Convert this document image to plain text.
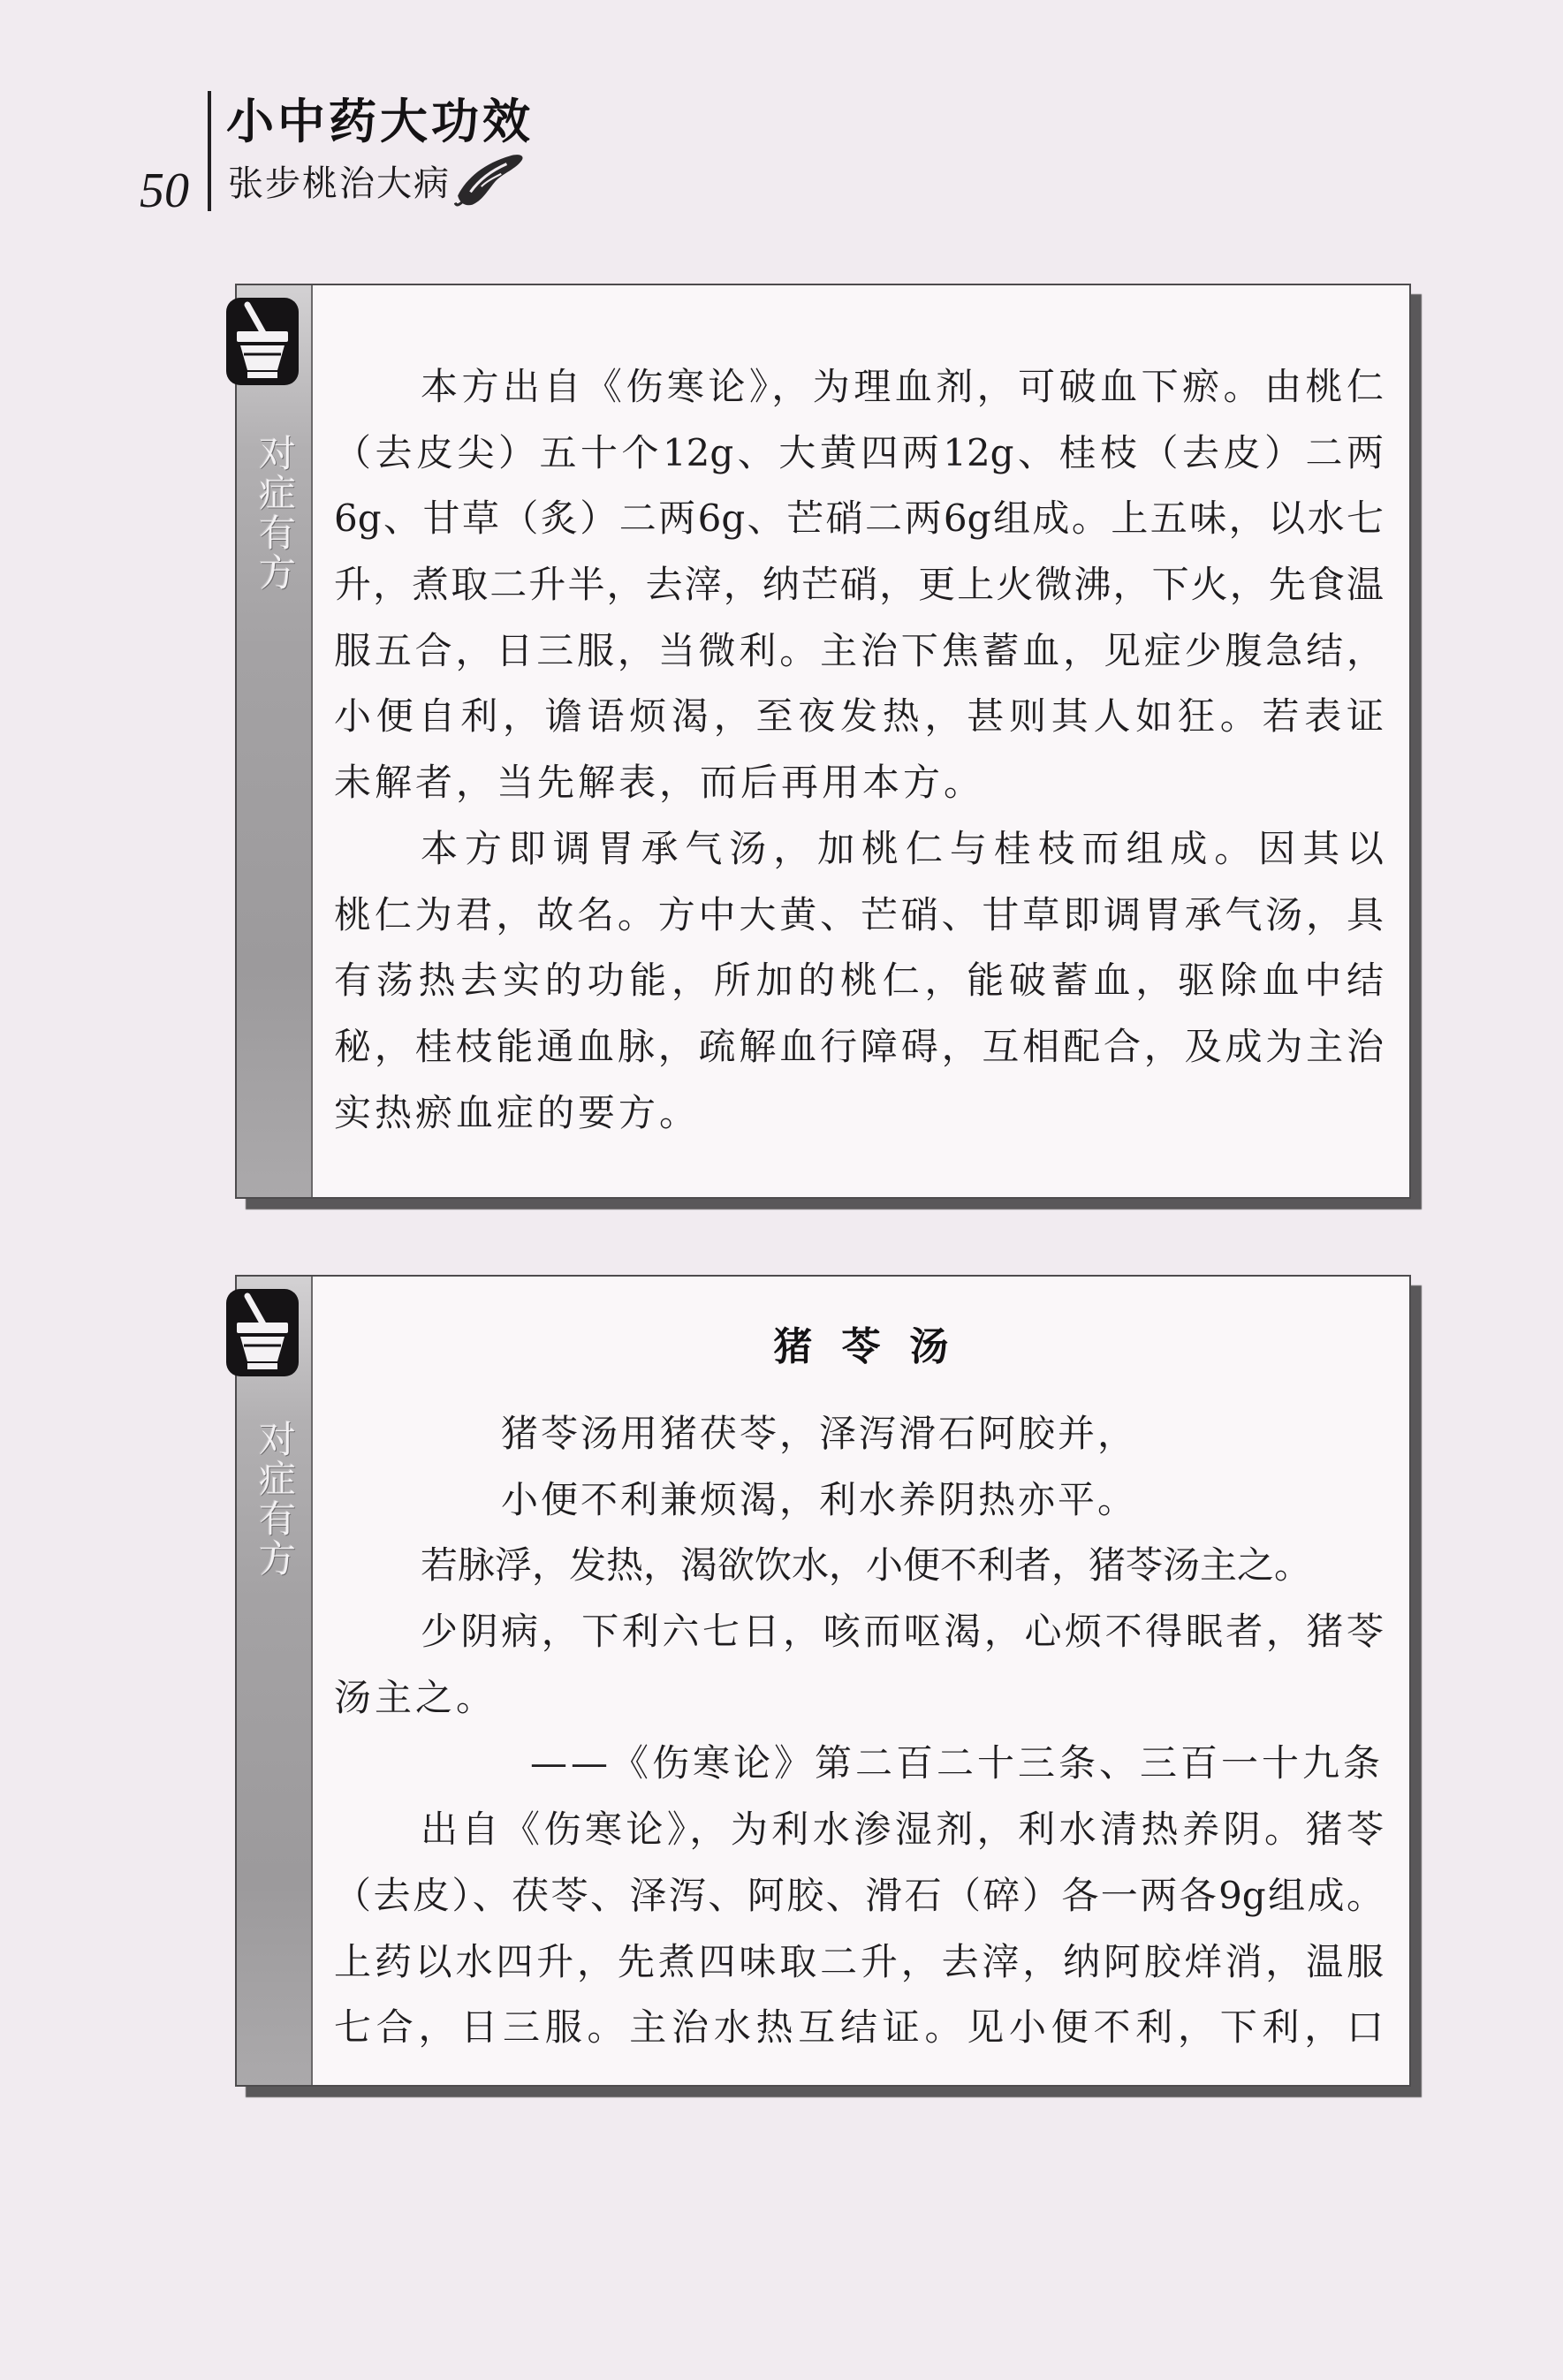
50
小中药大功效
张步桃治大病
对症有方
本方出自《伤寒论》，为理血剂，可破血下瘀。由桃仁
（去皮尖）五十个12g、大黄四两12g、桂枝（去皮）二两
6g、甘草（炙）二两6g、芒硝二两6g组成。上五味，以水七
升，煮取二升半，去滓，纳芒硝，更上火微沸，下火，先食温
服五合，日三服，当微利。主治下焦蓄血，见症少腹急结，
小便自利，谵语烦渴，至夜发热，甚则其人如狂。若表证
未解者，当先解表，而后再用本方。
本方即调胃承气汤，加桃仁与桂枝而组成。因其以
桃仁为君，故名。方中大黄、芒硝、甘草即调胃承气汤，具
有荡热去实的功能，所加的桃仁，能破蓄血，驱除血中结
秘，桂枝能通血脉，疏解血行障碍，互相配合，及成为主治
实热瘀血症的要方。
对症有方
猪苓汤
猪苓汤用猪茯苓，泽泻滑石阿胶并，
小便不利兼烦渴，利水养阴热亦平。
若脉浮，发热，渴欲饮水，小便不利者，猪苓汤主之。
少阴病，下利六七日，咳而呕渴，心烦不得眠者，猪苓
汤主之。
——《伤寒论》第二百二十三条、三百一十九条
出自《伤寒论》，为利水渗湿剂，利水清热养阴。猪苓
（去皮）、茯苓、泽泻、阿胶、滑石（碎）各一两各9g组成。
上药以水四升，先煮四味取二升，去滓，纳阿胶烊消，温服
七合，日三服。主治水热互结证。见小便不利，下利，口
